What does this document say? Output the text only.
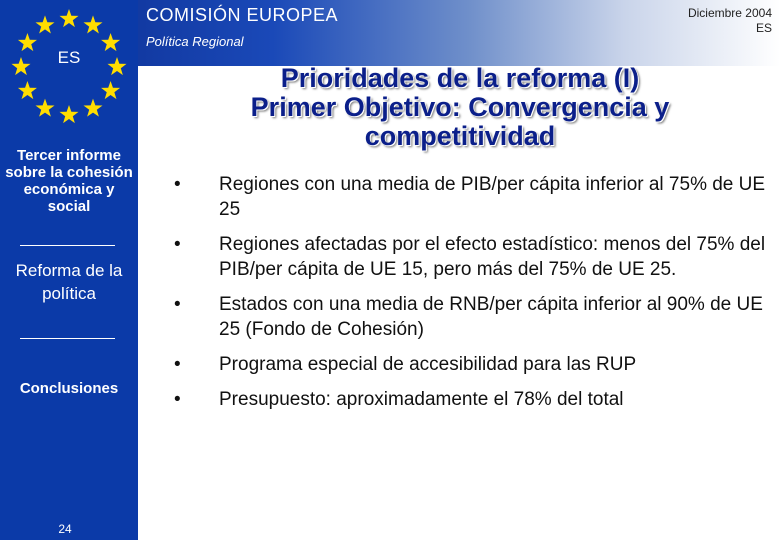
ES
COMISIÓN EUROPEA
Política Regional
Diciembre 2004
ES
Prioridades de la reforma (I)
Primer Objetivo: Convergencia y
competitividad
Tercer informe sobre la cohesión económica y social
Reforma de la política
Conclusiones
24
• Regiones con una media de PIB/per cápita inferior al 75% de UE 25
• Regiones afectadas por el efecto estadístico: menos del 75% del PIB/per cápita de UE 15, pero más del 75% de UE 25.
• Estados con una media de RNB/per cápita inferior al 90% de UE 25 (Fondo de Cohesión)
• Programa especial de accesibilidad para las RUP
• Presupuesto: aproximadamente el 78% del total
